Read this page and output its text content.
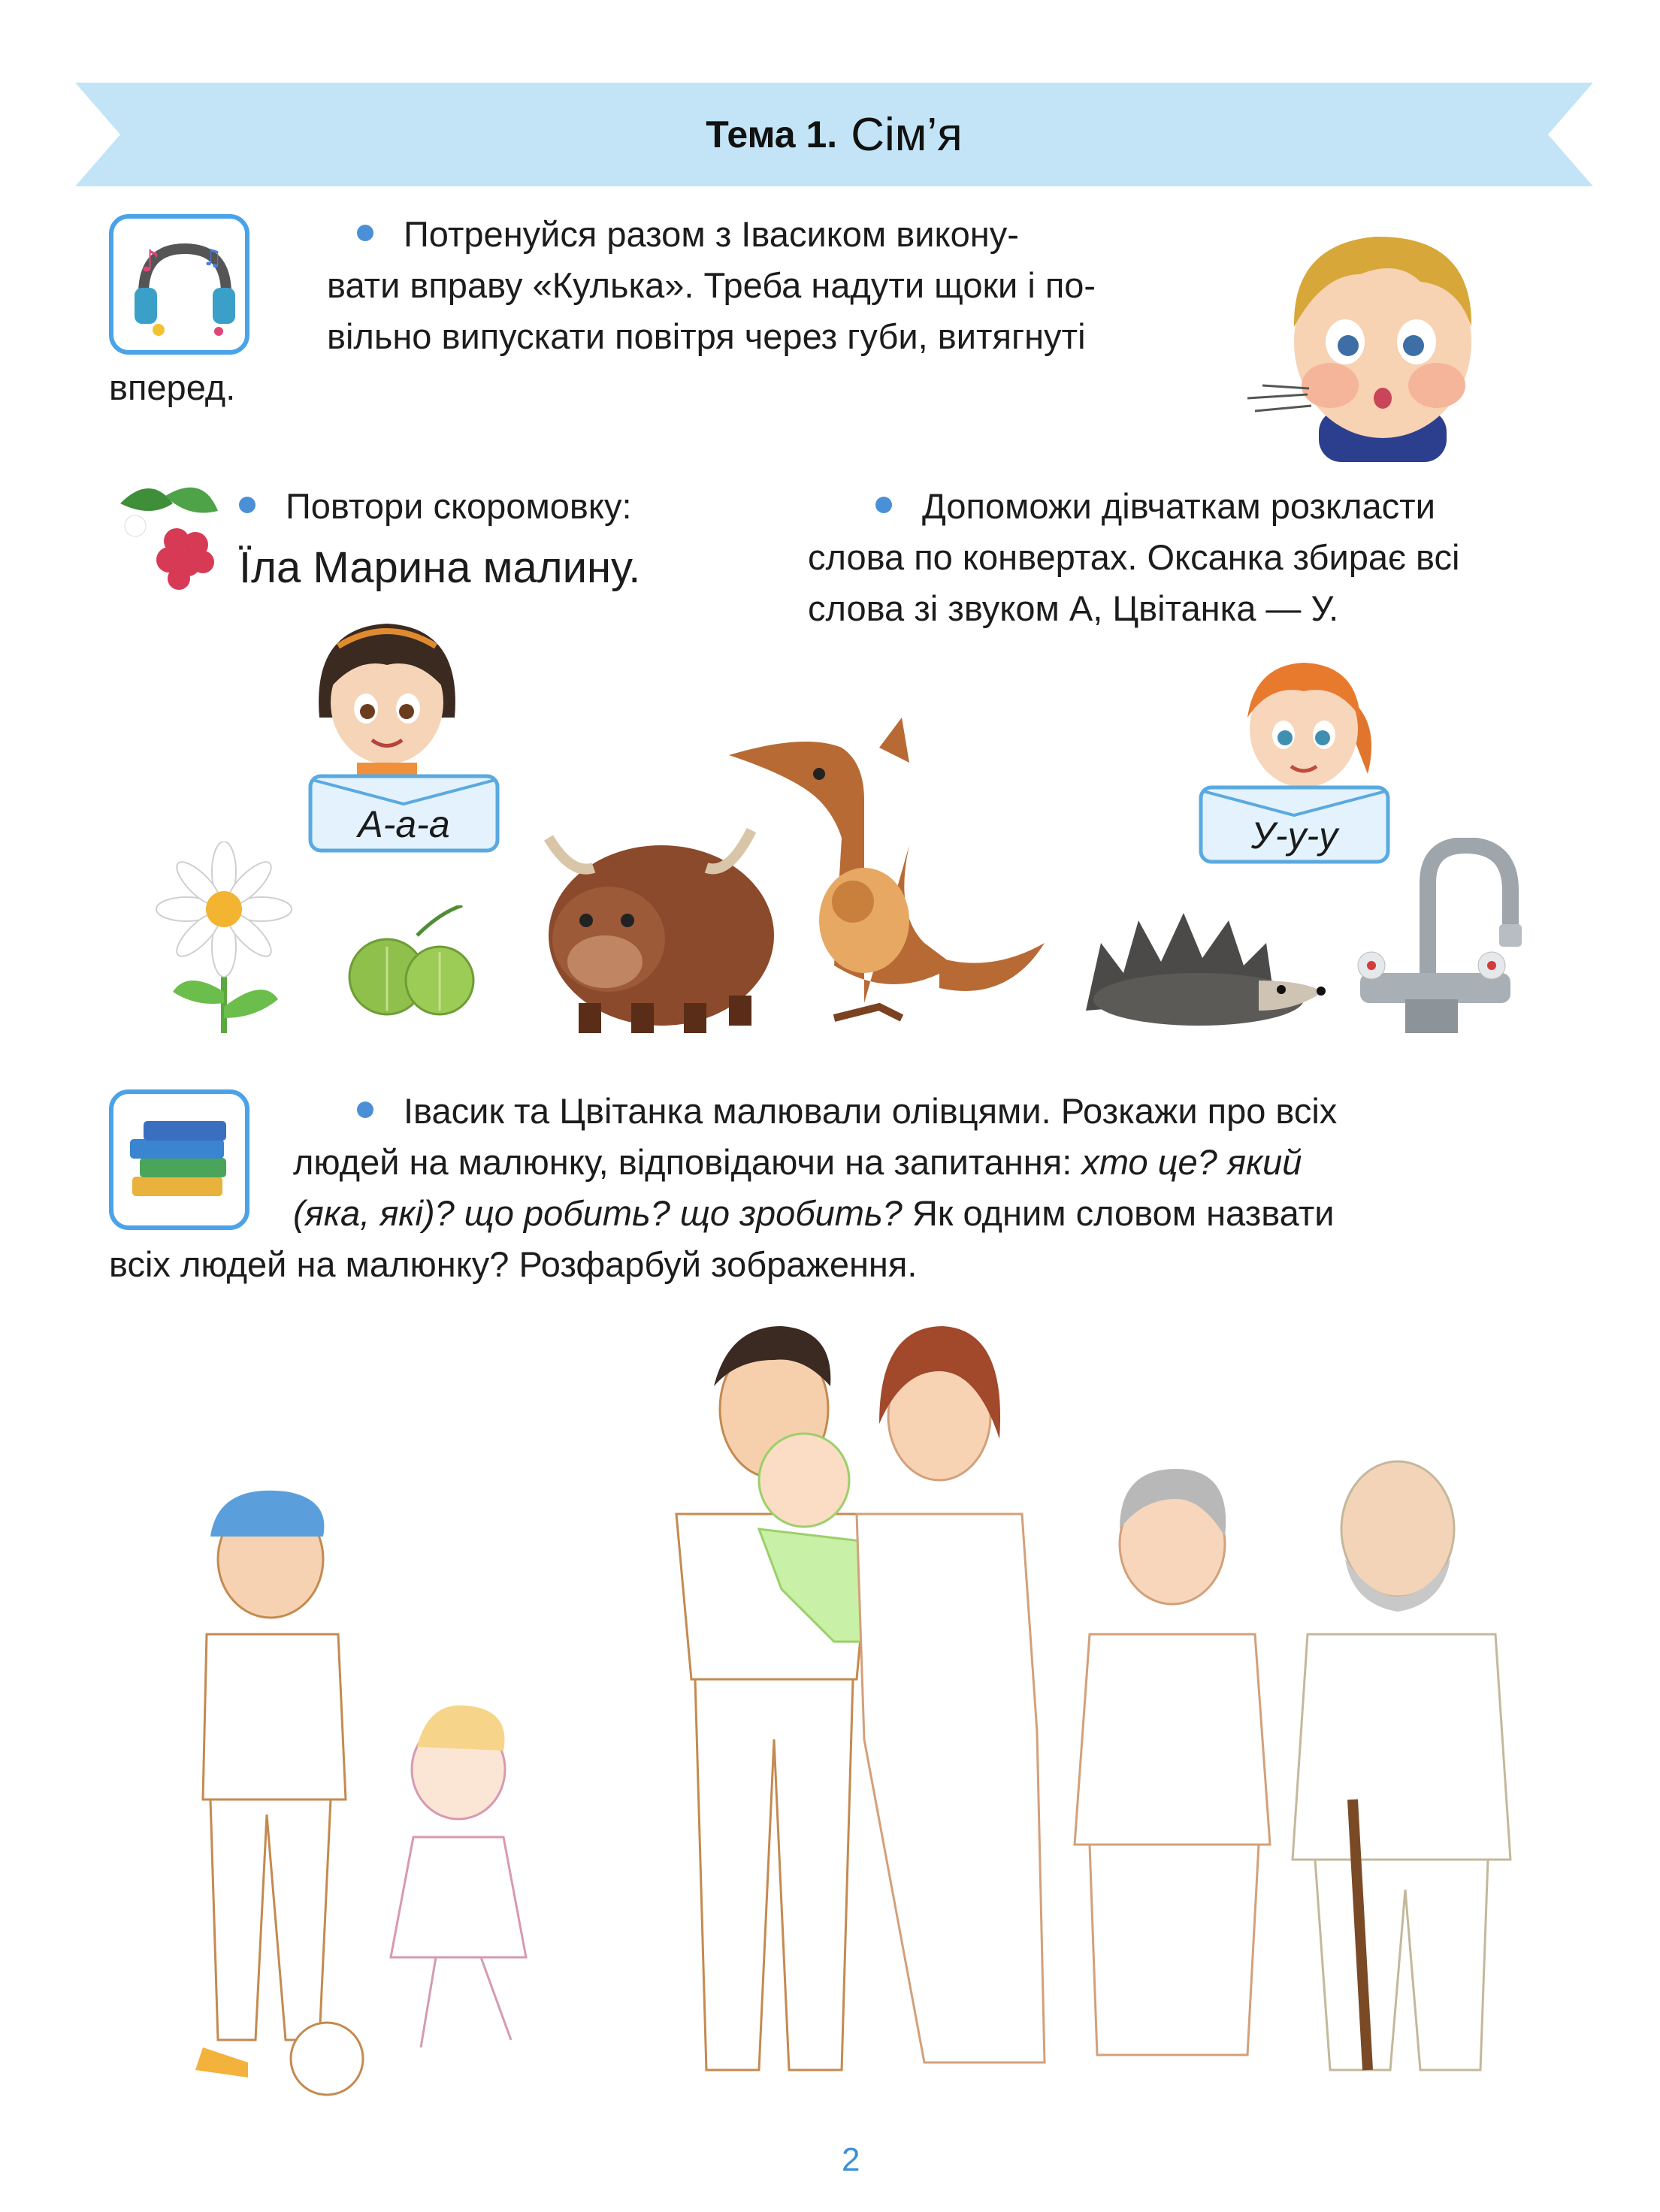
Тема 1. Сім’я
♪ ♫
Потренуйся разом з Івасиком викону-
вати вправу «Кулька». Треба надути щоки і по-
вільно випускати повітря через губи, витягнуті
вперед.
Повтори скоромовку:
Їла Марина малину.
Допоможи дівчаткам розкласти
слова по конвертах. Оксанка збирає всі
слова зі звуком А, Цвітанка — У.
А-а-а	У-у-у
Івасик та Цвітанка малювали олівцями. Розкажи про всіх
людей на малюнку, відповідаючи на запитання: хто це? який
(яка, які)? що робить? що зробить? Як одним словом назвати
всіх людей на малюнку? Розфарбуй зображення.
2
